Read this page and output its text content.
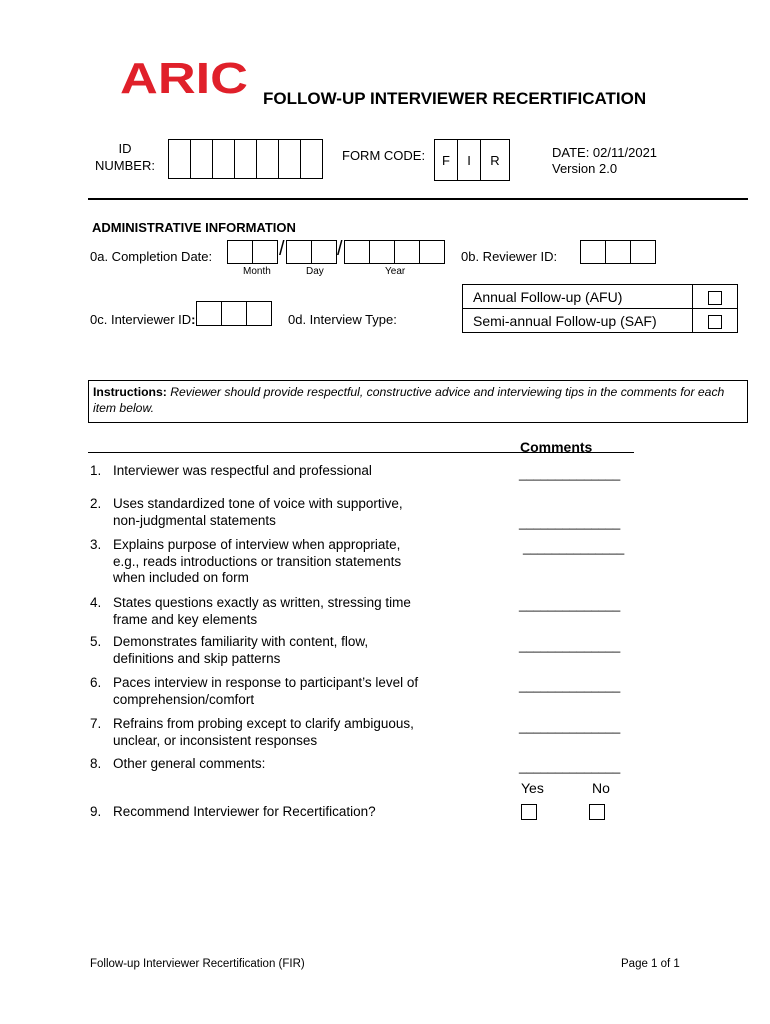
ARIC FOLLOW-UP INTERVIEWER RECERTIFICATION
ID
NUMBER:
FORM CODE:	F	I	R	DATE: 02/11/2021
Version 2.0
ADMINISTRATIVE INFORMATION
0a. Completion Date:	/	/
Month	Day	Year
0b. Reviewer ID:
0c. Interviewer ID:	0d. Interview Type:
Annual Follow-up (AFU)	
Semi-annual Follow-up (SAF)	
Instructions: Reviewer should provide respectful, constructive advice and interviewing tips in the comments for each item below.
Comments
1. Interviewer was respectful and professional	______________
2. Uses standardized tone of voice with supportive, non-judgmental statements	______________
3. Explains purpose of interview when appropriate, e.g., reads introductions or transition statements when included on form
______________
4. States questions exactly as written, stressing time frame and key elements
______________
5. Demonstrates familiarity with content, flow, definitions and skip patterns
______________
6. Paces interview in response to participant’s level of comprehension/comfort
______________
7. Refrains from probing except to clarify ambiguous, unclear, or inconsistent responses
______________
8. Other general comments:	______________
Yes	No
9. Recommend Interviewer for Recertification?
Follow-up Interviewer Recertification (FIR)	Page 1 of 1
